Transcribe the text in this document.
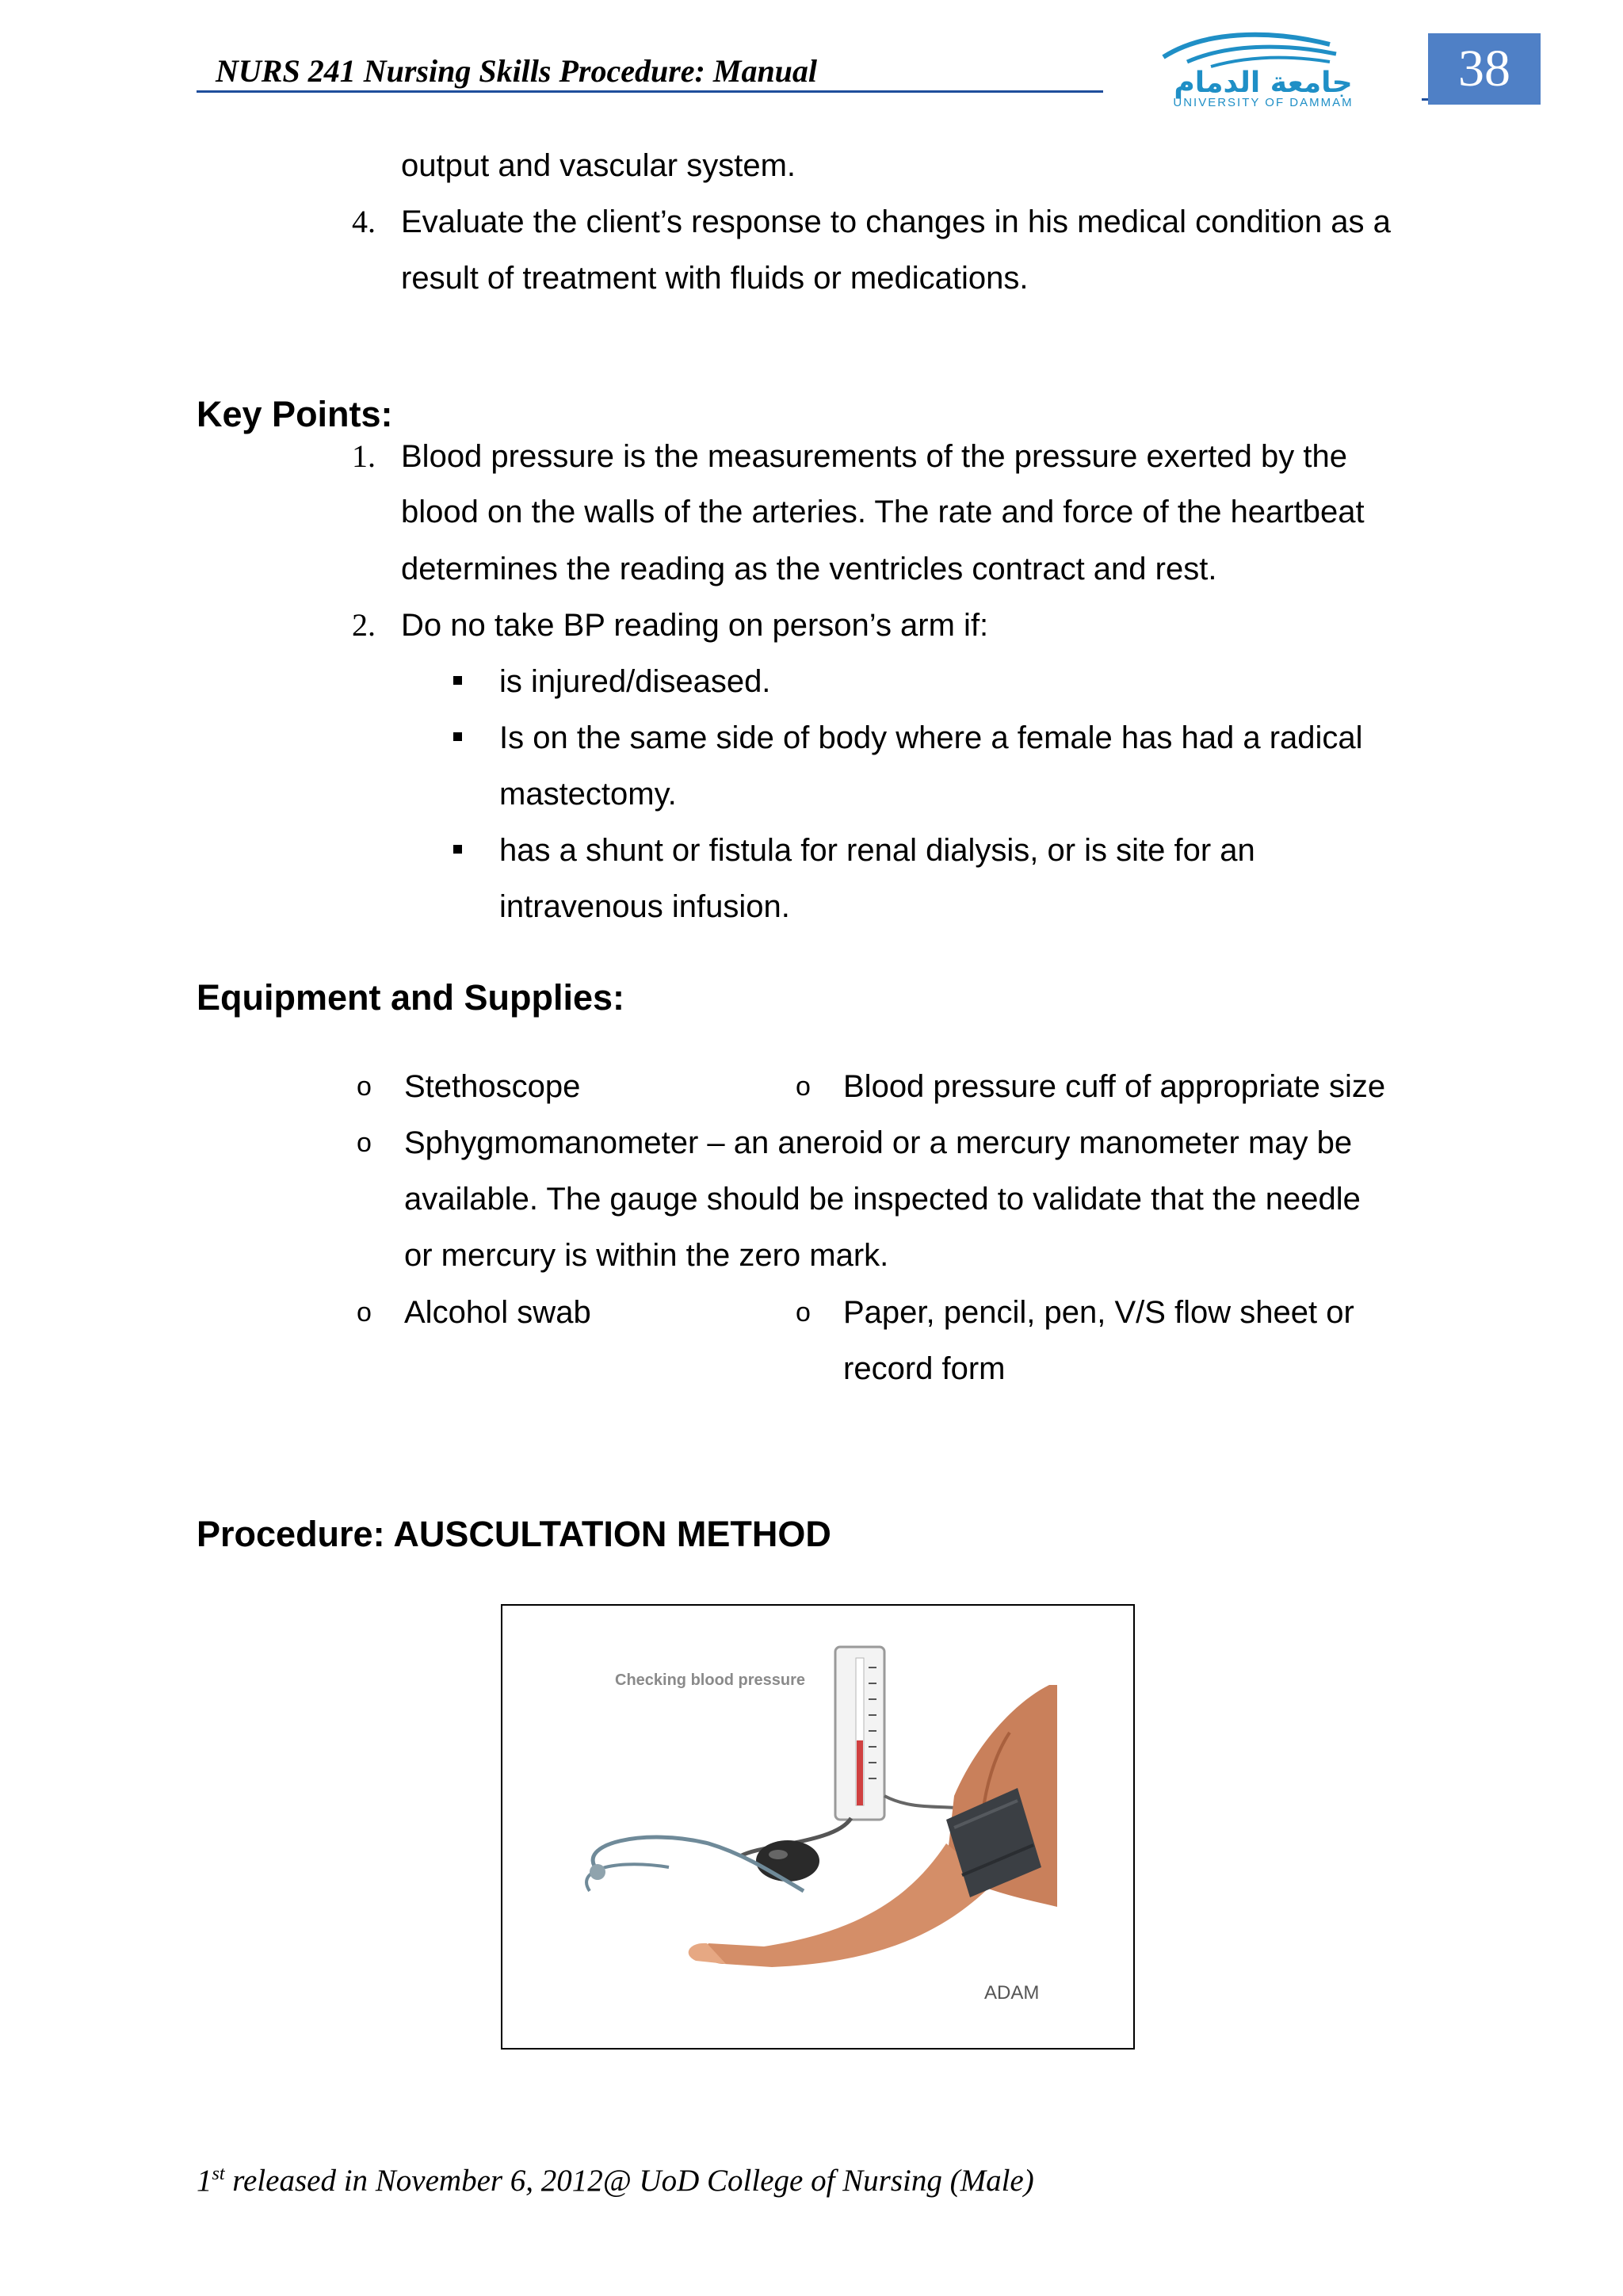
NURS 241 Nursing Skills Procedure: Manual	جامعة الدمام
UNIVERSITY OF DAMMAM
38
output and vascular system.
4. Evaluate the client’s response to changes in his medical condition as a
result of treatment with fluids or medications.
Key Points:
1. Blood pressure is the measurements of the pressure exerted by the
blood on the walls of the arteries. The rate and force of the heartbeat
determines the reading as the ventricles contract and rest.
2. Do no take BP reading on person’s arm if:
is injured/diseased.
Is on the same side of body where a female has had a radical
mastectomy.
has a shunt or fistula for renal dialysis, or is site for an
intravenous infusion.
Equipment and Supplies:
o Stethoscope	o Blood pressure cuff of appropriate size
o Sphygmomanometer – an aneroid or a mercury manometer may be
available. The gauge should be inspected to validate that the needle
or mercury is within the zero mark.
o Alcohol swab	o Paper, pencil, pen, V/S flow sheet or
record form
Procedure: AUSCULTATION METHOD
Checking blood pressure
ADAM
1st released in November 6, 2012@ UoD College of Nursing (Male)
